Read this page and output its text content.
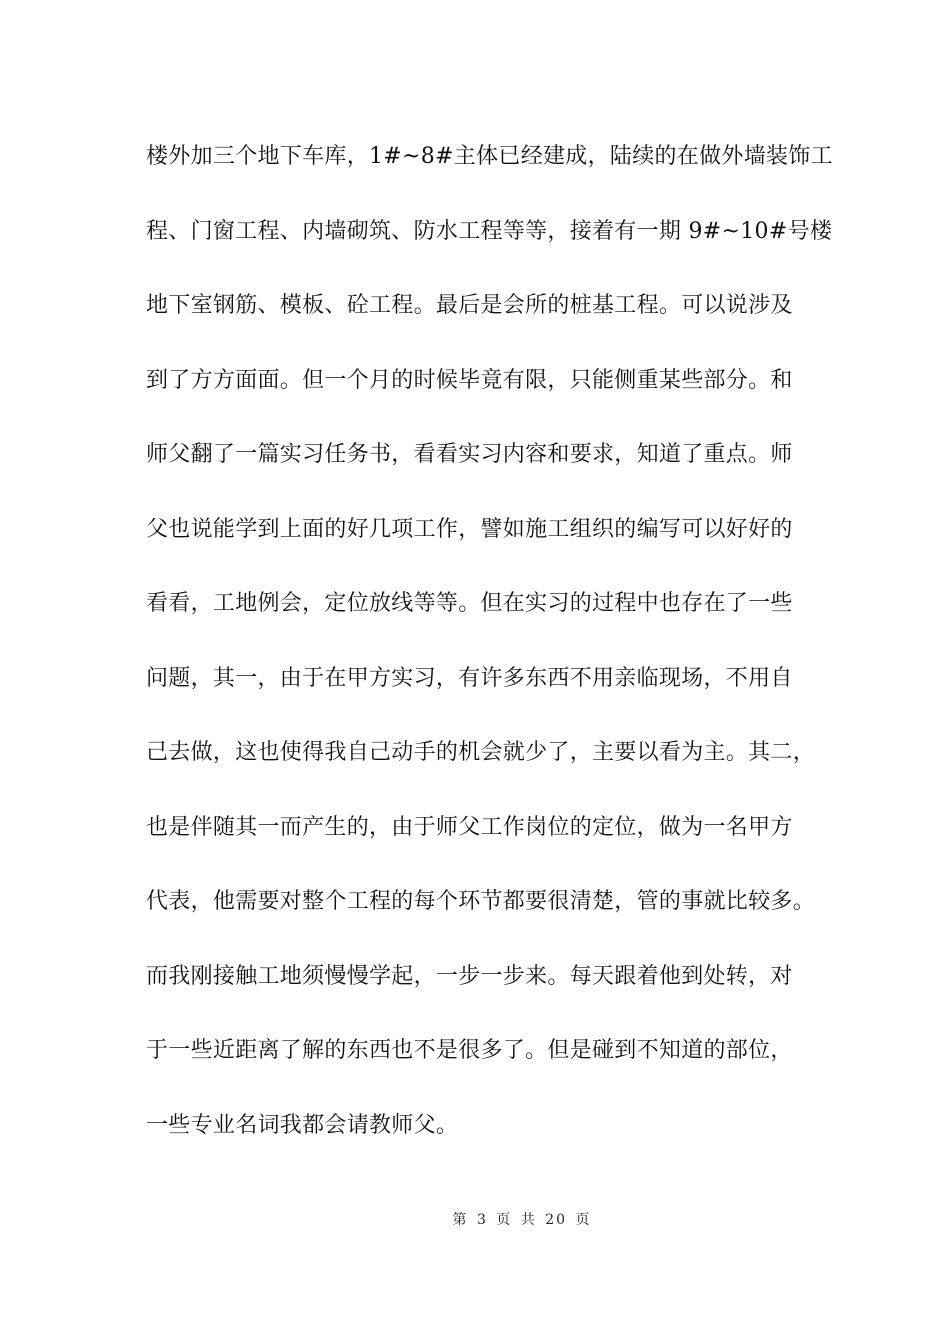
楼外加三个地下车库，1#~8#主体已经建成，陆续的在做外墙装饰工
程、门窗工程、内墙砌筑、防水工程等等，接着有一期 9#~10#号楼
地下室钢筋、模板、砼工程。最后是会所的桩基工程。可以说涉及
到了方方面面。但一个月的时候毕竟有限，只能侧重某些部分。和
师父翻了一篇实习任务书，看看实习内容和要求，知道了重点。师
父也说能学到上面的好几项工作，譬如施工组织的编写可以好好的
看看，工地例会，定位放线等等。但在实习的过程中也存在了一些
问题，其一，由于在甲方实习，有许多东西不用亲临现场，不用自
己去做，这也使得我自己动手的机会就少了，主要以看为主。其二，
也是伴随其一而产生的，由于师父工作岗位的定位，做为一名甲方
代表，他需要对整个工程的每个环节都要很清楚，管的事就比较多。
而我刚接触工地须慢慢学起，一步一步来。每天跟着他到处转，对
于一些近距离了解的东西也不是很多了。但是碰到不知道的部位，
一些专业名词我都会请教师父。
第 3 页 共 20 页
